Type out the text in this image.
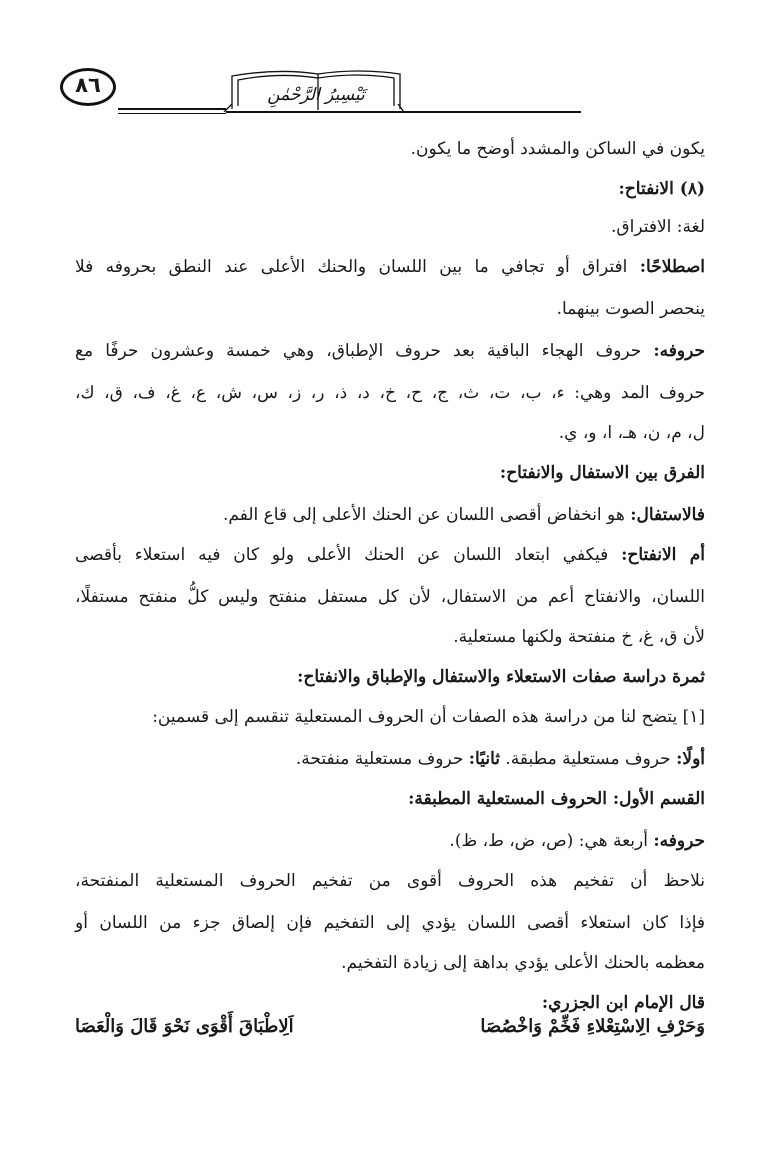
٨٦	تَيْسِيرُ الرَّحْمٰنِ
يكون في الساكن والمشدد أوضح ما يكون.
(٨) الانفتاح:
لغة: الافتراق.
اصطلاحًا: افتراق أو تجافي ما بين اللسان والحنك الأعلى عند النطق بحروفه فلا
ينحصر الصوت بينهما.
حروفه: حروف الهجاء الباقية بعد حروف الإطباق، وهي خمسة وعشرون حرفًا مع
حروف المد وهي: ء، ب، ت، ث، ج، ح، خ، د، ذ، ر، ز، س، ش، ع، غ، ف، ق، ك،
ل، م، ن، هـ، ا، و، ي.
الفرق بين الاستفال والانفتاح:
فالاستفال: هو انخفاض أقصى اللسان عن الحنك الأعلى إلى قاع الفم.
أم الانفتاح: فيكفي ابتعاد اللسان عن الحنك الأعلى ولو كان فيه استعلاء بأقصى
اللسان، والانفتاح أعم من الاستفال، لأن كل مستفل منفتح وليس كلُّ منفتح مستفلًا،
لأن ق، غ، خ منفتحة ولكنها مستعلية.
ثمرة دراسة صفات الاستعلاء والاستفال والإطباق والانفتاح:
[١] يتضح لنا من دراسة هذه الصفات أن الحروف المستعلية تنقسم إلى قسمين:
أولًا: حروف مستعلية مطبقة. ثانيًا: حروف مستعلية منفتحة.
القسم الأول: الحروف المستعلية المطبقة:
حروفه: أربعة هي: (ص، ض، ط، ظ).
نلاحظ أن تفخيم هذه الحروف أقوى من تفخيم الحروف المستعلية المنفتحة،
فإذا كان استعلاء أقصى اللسان يؤدي إلى التفخيم فإن إلصاق جزء من اللسان أو
معظمه بالحنك الأعلى يؤدي بداهة إلى زيادة التفخيم.
قال الإمام ابن الجزري:
وَحَرْفِ الِاسْتِعْلاءِ فَخِّمْ وَاخْصُصَا
اَلِاطْبَاقَ أَقْوَى نَحْوَ قَالَ وَالْعَصَا
